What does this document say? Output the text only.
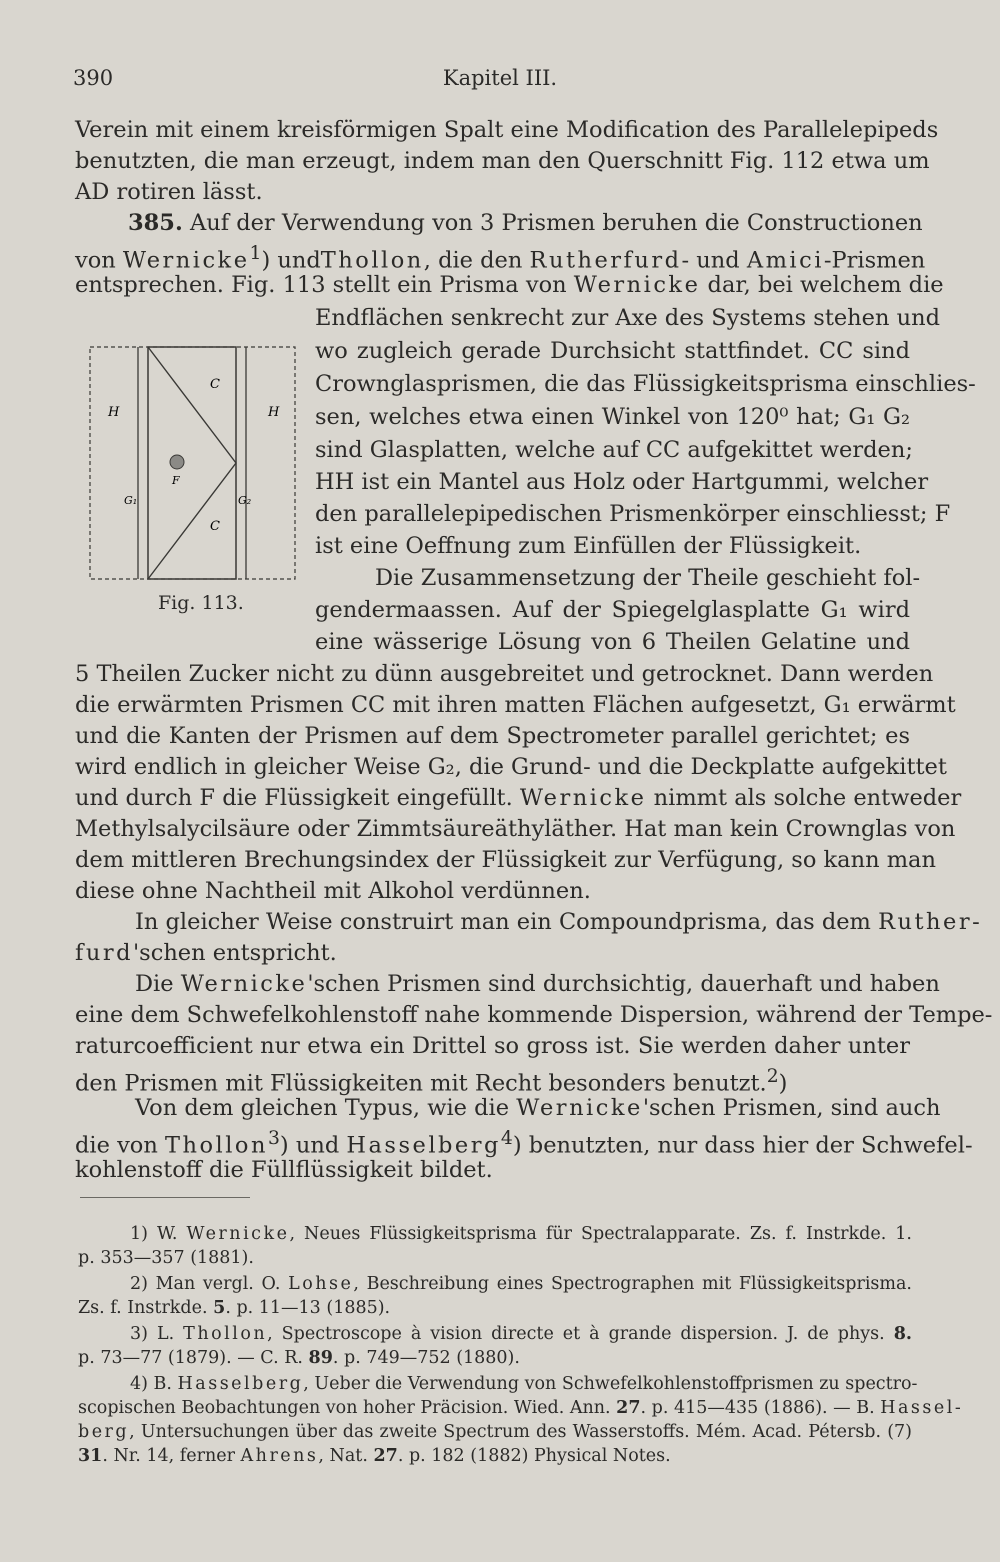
390	Kapitel III.
Verein mit einem kreisförmigen Spalt eine Modification des Parallelepipeds
benutzten, die man erzeugt, indem man den Querschnitt Fig. 112 etwa um
AD rotiren lässt.
385. Auf der Verwendung von 3 Prismen beruhen die Constructionen
von Wernicke$^1$) undThollon, die den Rutherfurd- und Amici-Prismen
entsprechen. Fig. 113 stellt ein Prisma von Wernicke dar, bei welchem die
Endflächen senkrecht zur Axe des Systems stehen und
wo zugleich gerade Durchsicht stattfindet. CC sind
Crownglasprismen, die das Flüssigkeitsprisma einschlies-
sen, welches etwa einen Winkel von 120⁰ hat; G₁ G₂
sind Glasplatten, welche auf CC aufgekittet werden;
HH ist ein Mantel aus Holz oder Hartgummi, welcher
den parallelepipedischen Prismenkörper einschliesst; F
ist eine Oeffnung zum Einfüllen der Flüssigkeit.
Die Zusammensetzung der Theile geschieht fol-
gendermaassen. Auf der Spiegelglasplatte G₁ wird
eine wässerige Lösung von 6 Theilen Gelatine und
5 Theilen Zucker nicht zu dünn ausgebreitet und getrocknet. Dann werden
die erwärmten Prismen CC mit ihren matten Flächen aufgesetzt, G₁ erwärmt
und die Kanten der Prismen auf dem Spectrometer parallel gerichtet; es
wird endlich in gleicher Weise G₂, die Grund- und die Deckplatte aufgekittet
und durch F die Flüssigkeit eingefüllt. Wernicke nimmt als solche entweder
Methylsalycilsäure oder Zimmtsäureäthyläther. Hat man kein Crownglas von
dem mittleren Brechungsindex der Flüssigkeit zur Verfügung, so kann man
diese ohne Nachtheil mit Alkohol verdünnen.
In gleicher Weise construirt man ein Compoundprisma, das dem Ruther-
furd'schen entspricht.
Die Wernicke'schen Prismen sind durchsichtig, dauerhaft und haben
eine dem Schwefelkohlenstoff nahe kommende Dispersion, während der Tempe-
raturcoefficient nur etwa ein Drittel so gross ist. Sie werden daher unter
den Prismen mit Flüssigkeiten mit Recht besonders benutzt.$^2$)
Von dem gleichen Typus, wie die Wernicke'schen Prismen, sind auch
die von Thollon$^3$) und Hasselberg$^4$) benutzten, nur dass hier der Schwefel-
kohlenstoff die Füllflüssigkeit bildet.
H	H
C
C
F
G₁	G₂
Fig. 113.
1) W. Wernicke, Neues Flüssigkeitsprisma für Spectralapparate. Zs. f. Instrkde. 1.
p. 353—357 (1881).
2) Man vergl. O. Lohse, Beschreibung eines Spectrographen mit Flüssigkeitsprisma.
Zs. f. Instrkde. 5. p. 11—13 (1885).
3) L. Thollon, Spectroscope à vision directe et à grande dispersion. J. de phys. 8.
p. 73—77 (1879). — C. R. 89. p. 749—752 (1880).
4) B. Hasselberg, Ueber die Verwendung von Schwefelkohlenstoffprismen zu spectro-
scopischen Beobachtungen von hoher Präcision. Wied. Ann. 27. p. 415—435 (1886). — B. Hassel-
berg, Untersuchungen über das zweite Spectrum des Wasserstoffs. Mém. Acad. Pétersb. (7)
31. Nr. 14, ferner Ahrens, Nat. 27. p. 182 (1882) Physical Notes.
